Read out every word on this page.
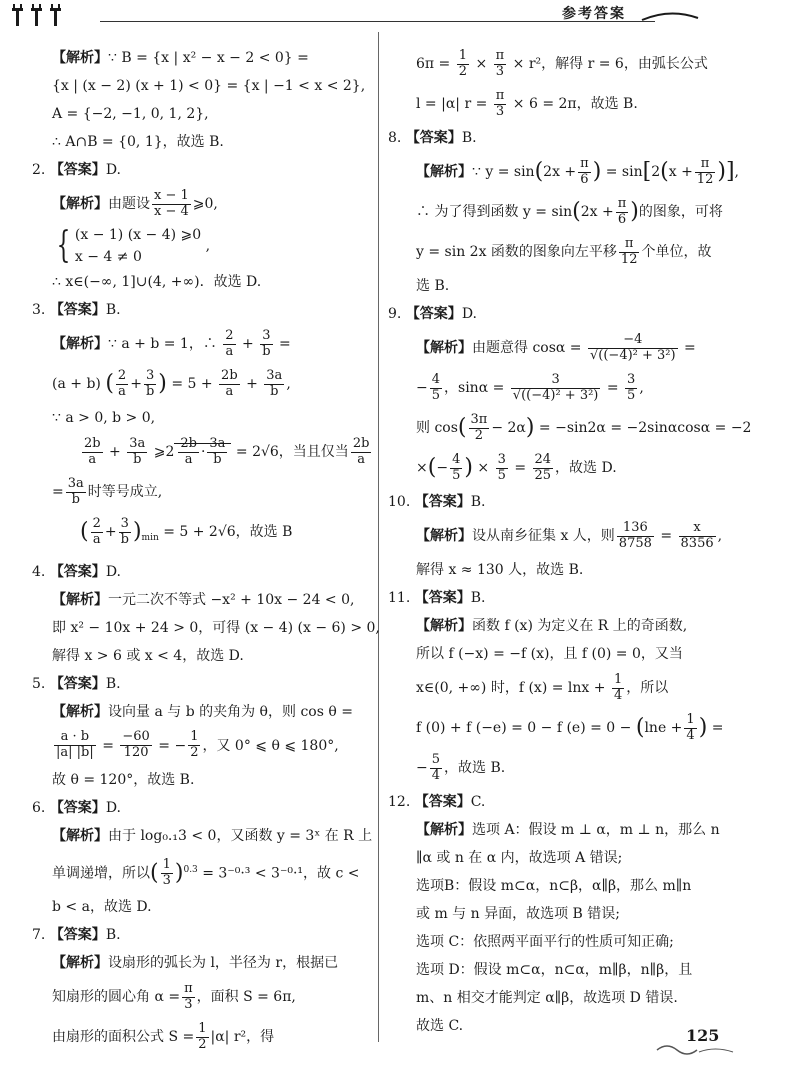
参考答案
【解析】∵ B = {x | x² − x − 2 < 0} =
{x | (x − 2) (x + 1) < 0} = {x | −1 < x < 2},
A = {−2, −1, 0, 1, 2},
∴ A∩B = {0, 1}，故选 B.
2. 【答案】D.
【解析】由题设 $\frac{x - 1}{x - 4}$ ⩾0,
{ (x − 1) (x − 4) ⩾0
x − 4 ≠ 0
,
∴ x∈(−∞, 1]∪(4, +∞)．故选 D.
3. 【答案】B.
【解析】∵ a + b = 1，∴ $\frac{2}{a} + \frac{3}{b}$ =
(a + b) ( $\frac{2}{a} + \frac{3}{b}$ ) = $5 + \frac{2b}{a} + \frac{3a}{b}$ ,
∵ a > 0, b > 0,
$\frac{2b}{a} + \frac{3a}{b}$ ⩾2 $\frac{2b}{a} \cdot \frac{3a}{b} = 2√6$，当且仅当 $\frac{2b}{a}$
= $\frac{3a}{b}$ 时等号成立,
( $\frac{2}{a} + \frac{3}{b} )_{min} = 5 + 2√6$，故选 B
4. 【答案】D.
【解析】一元二次不等式 −x² + 10x − 24 < 0,
即 x² − 10x + 24 > 0，可得 (x − 4) (x − 6) > 0,
解得 x > 6 或 x < 4，故选 D.
5. 【答案】B.
【解析】设向量 a 与 b 的夹角为 θ，则 cos θ =
$\frac{a \cdot b}{|a| |b|} = \frac{-60}{120}$ = − $\frac{1}{2}$ ，又 0° ⩽ θ ⩽ 180°,
故 θ = 120°，故选 B.
6. 【答案】D.
【解析】由于 log₀.₁3 < 0，又函数 y = 3ˣ 在 R 上
单调递增，所以( $\frac{1}{3} )^{0.3} = 3^{-0}\cdot^3 < 3^{-0}\cdot^1$，故 c <
b < a，故选 D.
7. 【答案】B.
【解析】设扇形的弧长为 l，半径为 r，根据已
知扇形的圆心角 $\alpha = \frac{\pi}{3}$ ，面积 S = 6π,
由扇形的面积公式 $S = \frac{1}{2} |\alpha|$ r²，得
$6\pi = \frac{1}{2} \times \frac{\pi}{3} \times r^2$，解得 r = 6，由弧长公式
l = |α| $r = \frac{\pi}{3} \times 6 = 2\pi$，故选 B.
8. 【答案】B.
【解析】∵ $y = \sin(2x + \frac{\pi}{6}$ ) = $\sin[2(x + \frac{\pi}{12}$ )],
∴ 为了得到函数 $y = \sin(2x + \frac{\pi}{6}$ )的图象，可将
y = sin 2x 函数的图象向左平移 $\frac{\pi}{12}$ 个单位，故
选 B.
9. 【答案】D.
【解析】由题意得 $\cos\alpha = \frac{-4}{\text{√((−4)² + 3²)}}$ =
− $\frac{4}{5}$ ，$\sin\alpha = \frac{3}{\text{√((−4)² + 3²)}} = \frac{3}{5}$ ,
则 $\cos( \frac{3\pi}{2} - 2\alpha) = -\sin 2\alpha = -2\sin\alpha\cos\alpha = -2$
×(− $\frac{4}{5}$ ) × $\frac{3}{5} = \frac{24}{25}$ ，故选 D.
10. 【答案】B.
【解析】设从南乡征集 x 人，则 $\frac{136}{8758} = \frac{x}{8356}$ ,
解得 x ≈ 130 人，故选 B.
11. 【答案】B.
【解析】函数 f (x) 为定义在 R 上的奇函数,
所以 f (−x) = −f (x)，且 f (0) = 0，又当
x∈(0, +∞) 时，f $(x) = \ln x + \frac{1}{4}$ ，所以
f (0) + f (−e) = 0 − f $(e) = 0 - (\ln e + \frac{1}{4}$ ) =
− $\frac{5}{4}$ ，故选 B.
12. 【答案】C.
【解析】选项 A：假设 m ⊥ α，m ⊥ n，那么 n
∥α 或 n 在 α 内，故选项 A 错误;
选项B：假设 m⊂α，n⊂β，α∥β，那么 m∥n
或 m 与 n 异面，故选项 B 错误;
选项 C：依照两平面平行的性质可知正确;
选项 D：假设 m⊂α，n⊂α，m∥β，n∥β，且
m、n 相交才能判定 α∥β，故选项 D 错误.
故选 C.	125
